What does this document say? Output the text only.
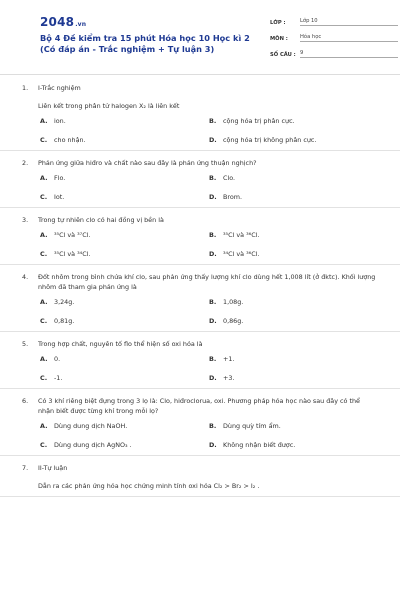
2048.vn
Bộ 4 Đề kiểm tra 15 phút Hóa học 10 Học kì 2 (Có đáp án - Trắc nghiệm + Tự luận 3)
LỚP :	Lớp 10
MÔN :	Hóa học
SỐ CÂU : 9
1.	I-Trắc nghiệm
Liên kết trong phân tử halogen X₂ là liên kết
A.	ion.	B.	cộng hóa trị phân cực.
C.	cho nhận.	D. cộng hóa trị không phân cực.
2.	Phản ứng giữa hiđro và chất nào sau đây là phản ứng thuận nghịch?
A.	Flo.	B.	Clo.
C.	Iot.	D. Brom.
3.	Trong tự nhiên clo có hai đồng vị bền là
A.	³⁵Cl và ³⁷Cl.	B.	³⁵Cl và ³⁶Cl.
C.	³⁵Cl và ³⁴Cl.	D. ³⁴Cl và ³⁶Cl.
4.	Đốt nhôm trong bình chứa khí clo, sau phản ứng thấy lượng khí clo dùng hết 1,008 lít (ở đktc). Khối lượng nhôm đã tham gia phản ứng là
A.	3,24g.	B.	1,08g.
C.	0,81g.	D. 0,86g.
5.	Trong hợp chất, nguyên tố flo thể hiện số oxi hóa là
A.	0.	B.	+1.
C.	-1.	D. +3.
6.	Có 3 khí riêng biệt đựng trong 3 lọ là: Clo, hiđroclorua, oxi. Phương pháp hóa học nào sau đây có thể nhận biết được từng khí trong mỗi lọ?
A.	Dùng dung dịch NaOH.	B.	Dùng quỳ tím ẩm.
C.	Dùng dung dịch AgNO₃ .	D. Không nhận biết được.
7.	II-Tự luận
Dẫn ra các phản ứng hóa học chứng minh tính oxi hóa Cl₂ > Br₂ > I₂ .
